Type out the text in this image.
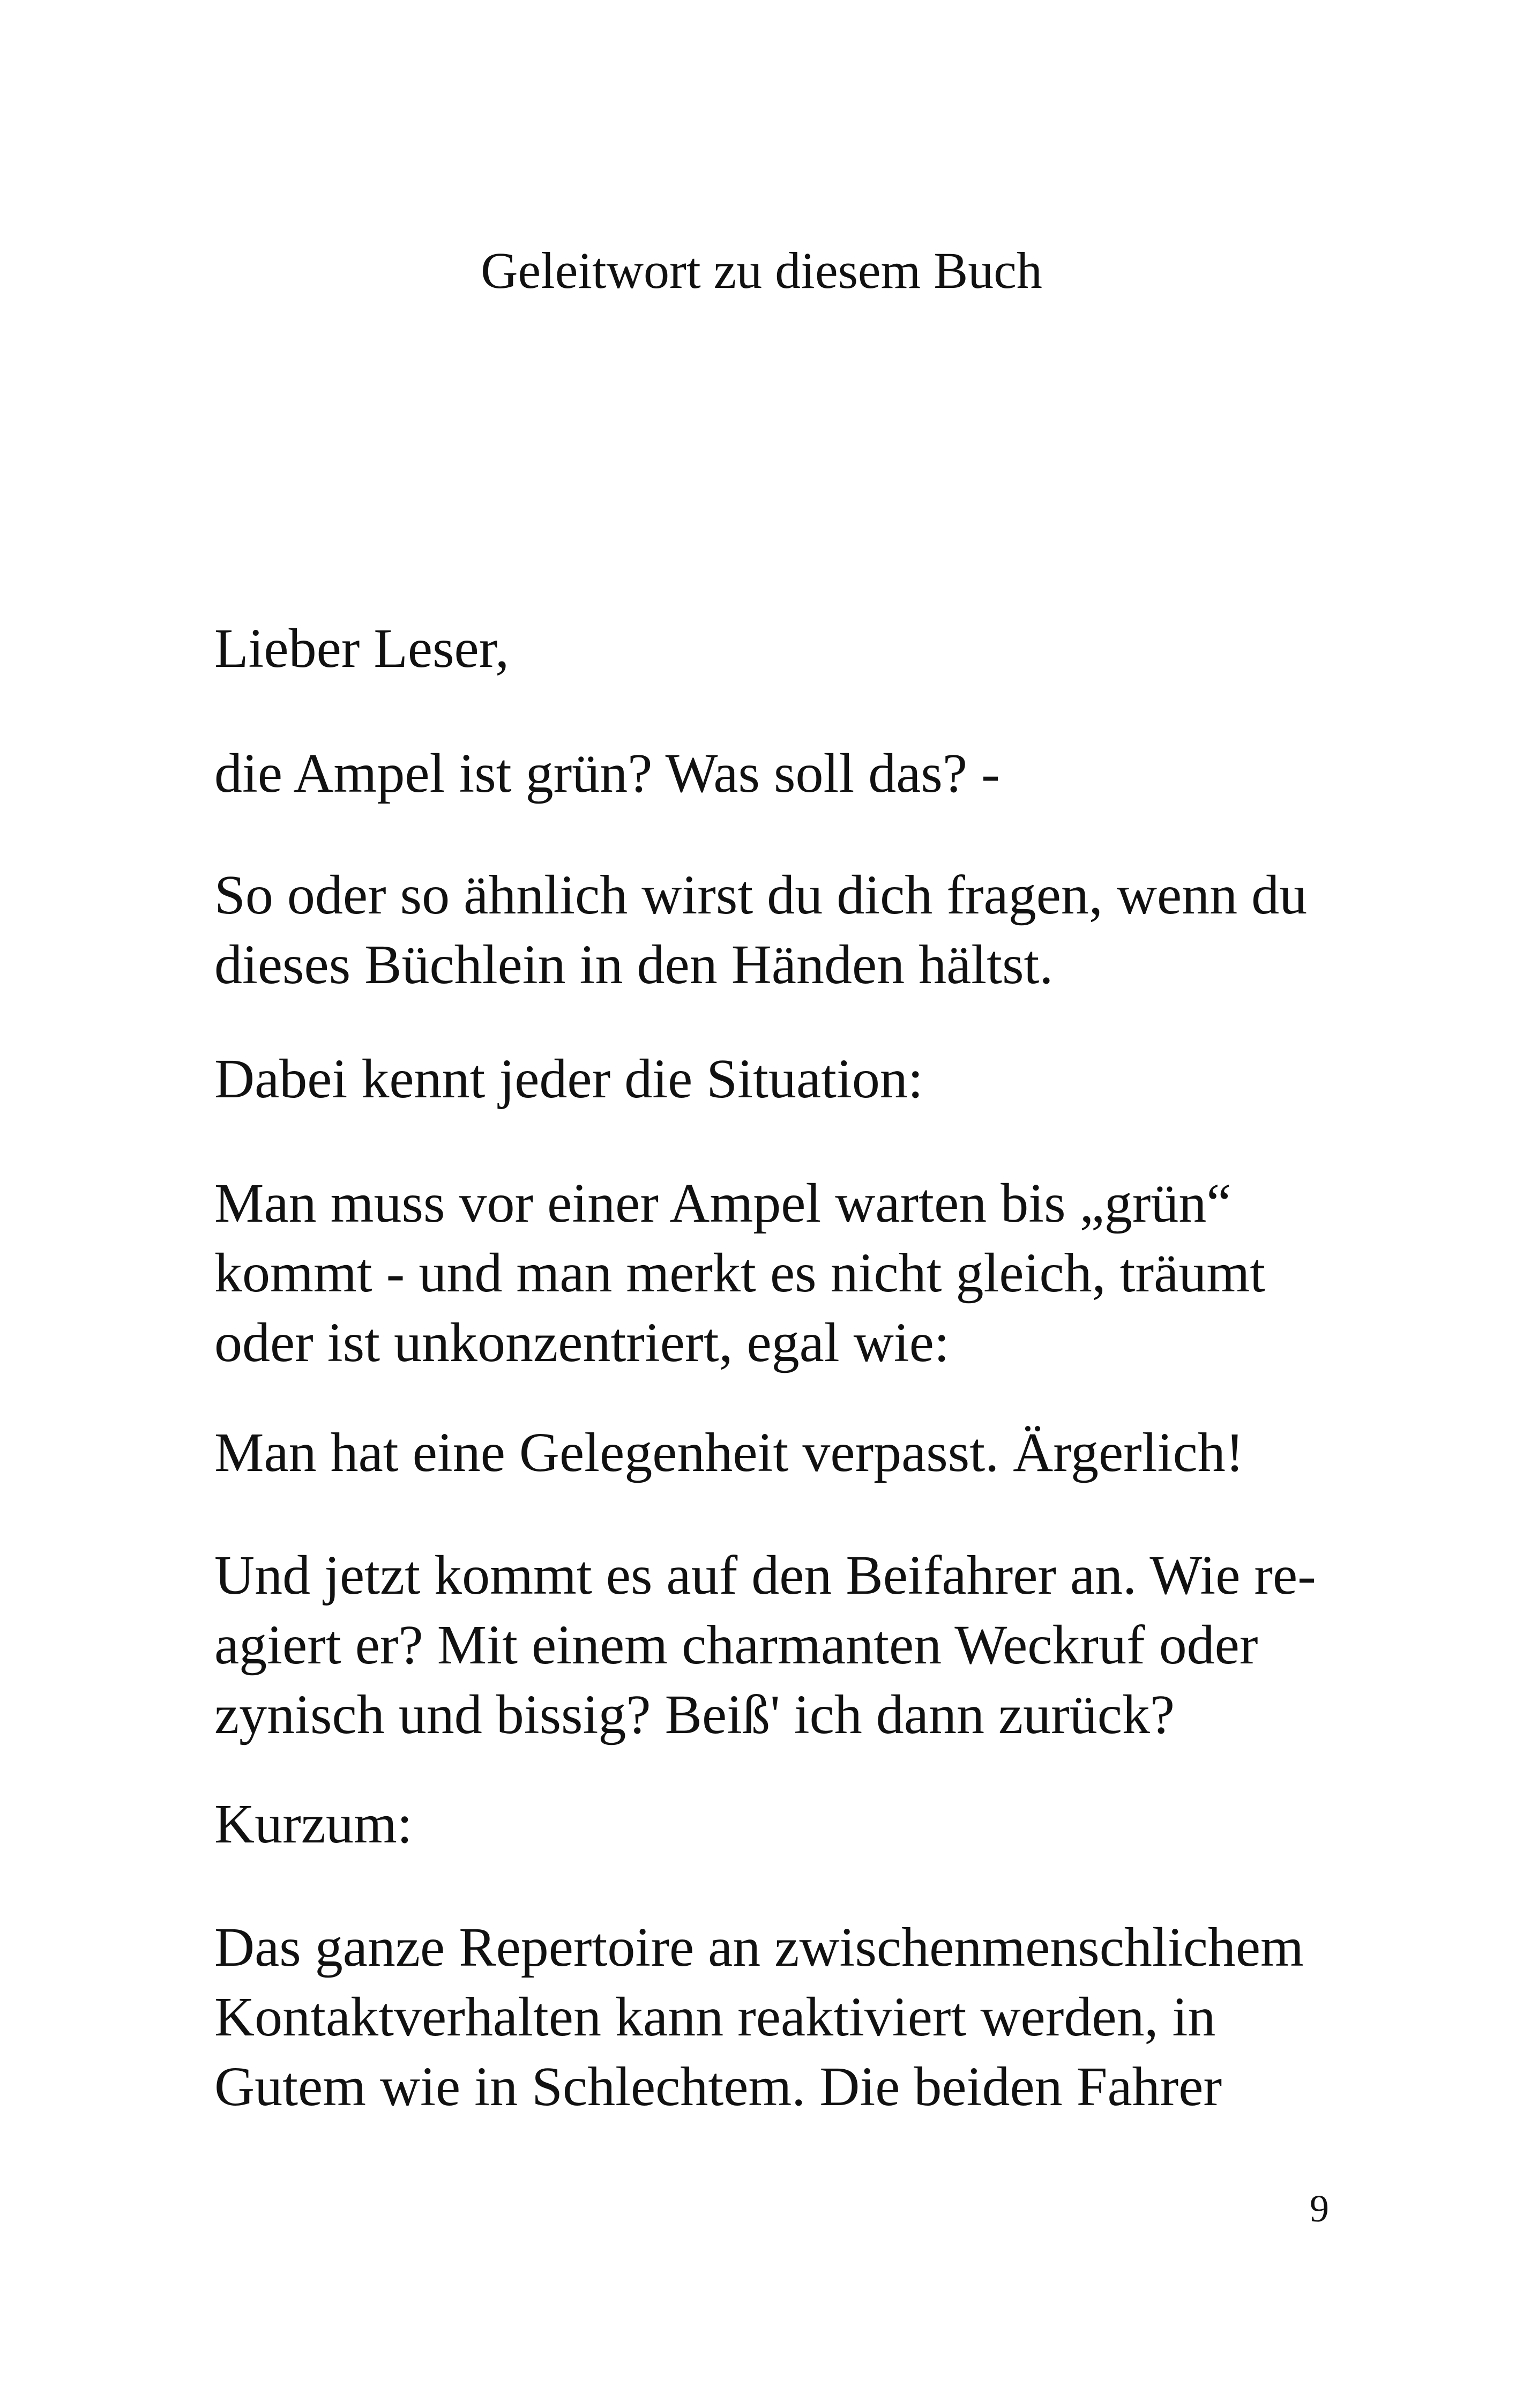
Geleitwort zu diesem Buch

Lieber Leser,

die Ampel ist grün? Was soll das? -

So oder so ähnlich wirst du dich fragen, wenn du
dieses Büchlein in den Händen hältst.

Dabei kennt jeder die Situation:

Man muss vor einer Ampel warten bis „grün“
kommt - und man merkt es nicht gleich, träumt
oder ist unkonzentriert, egal wie:

Man hat eine Gelegenheit verpasst. Ärgerlich!

Und jetzt kommt es auf den Beifahrer an. Wie re-
agiert er? Mit einem charmanten Weckruf oder
zynisch und bissig? Beiß' ich dann zurück?

Kurzum:

Das ganze Repertoire an zwischenmenschlichem
Kontaktverhalten kann reaktiviert werden, in
Gutem wie in Schlechtem. Die beiden Fahrer

9
